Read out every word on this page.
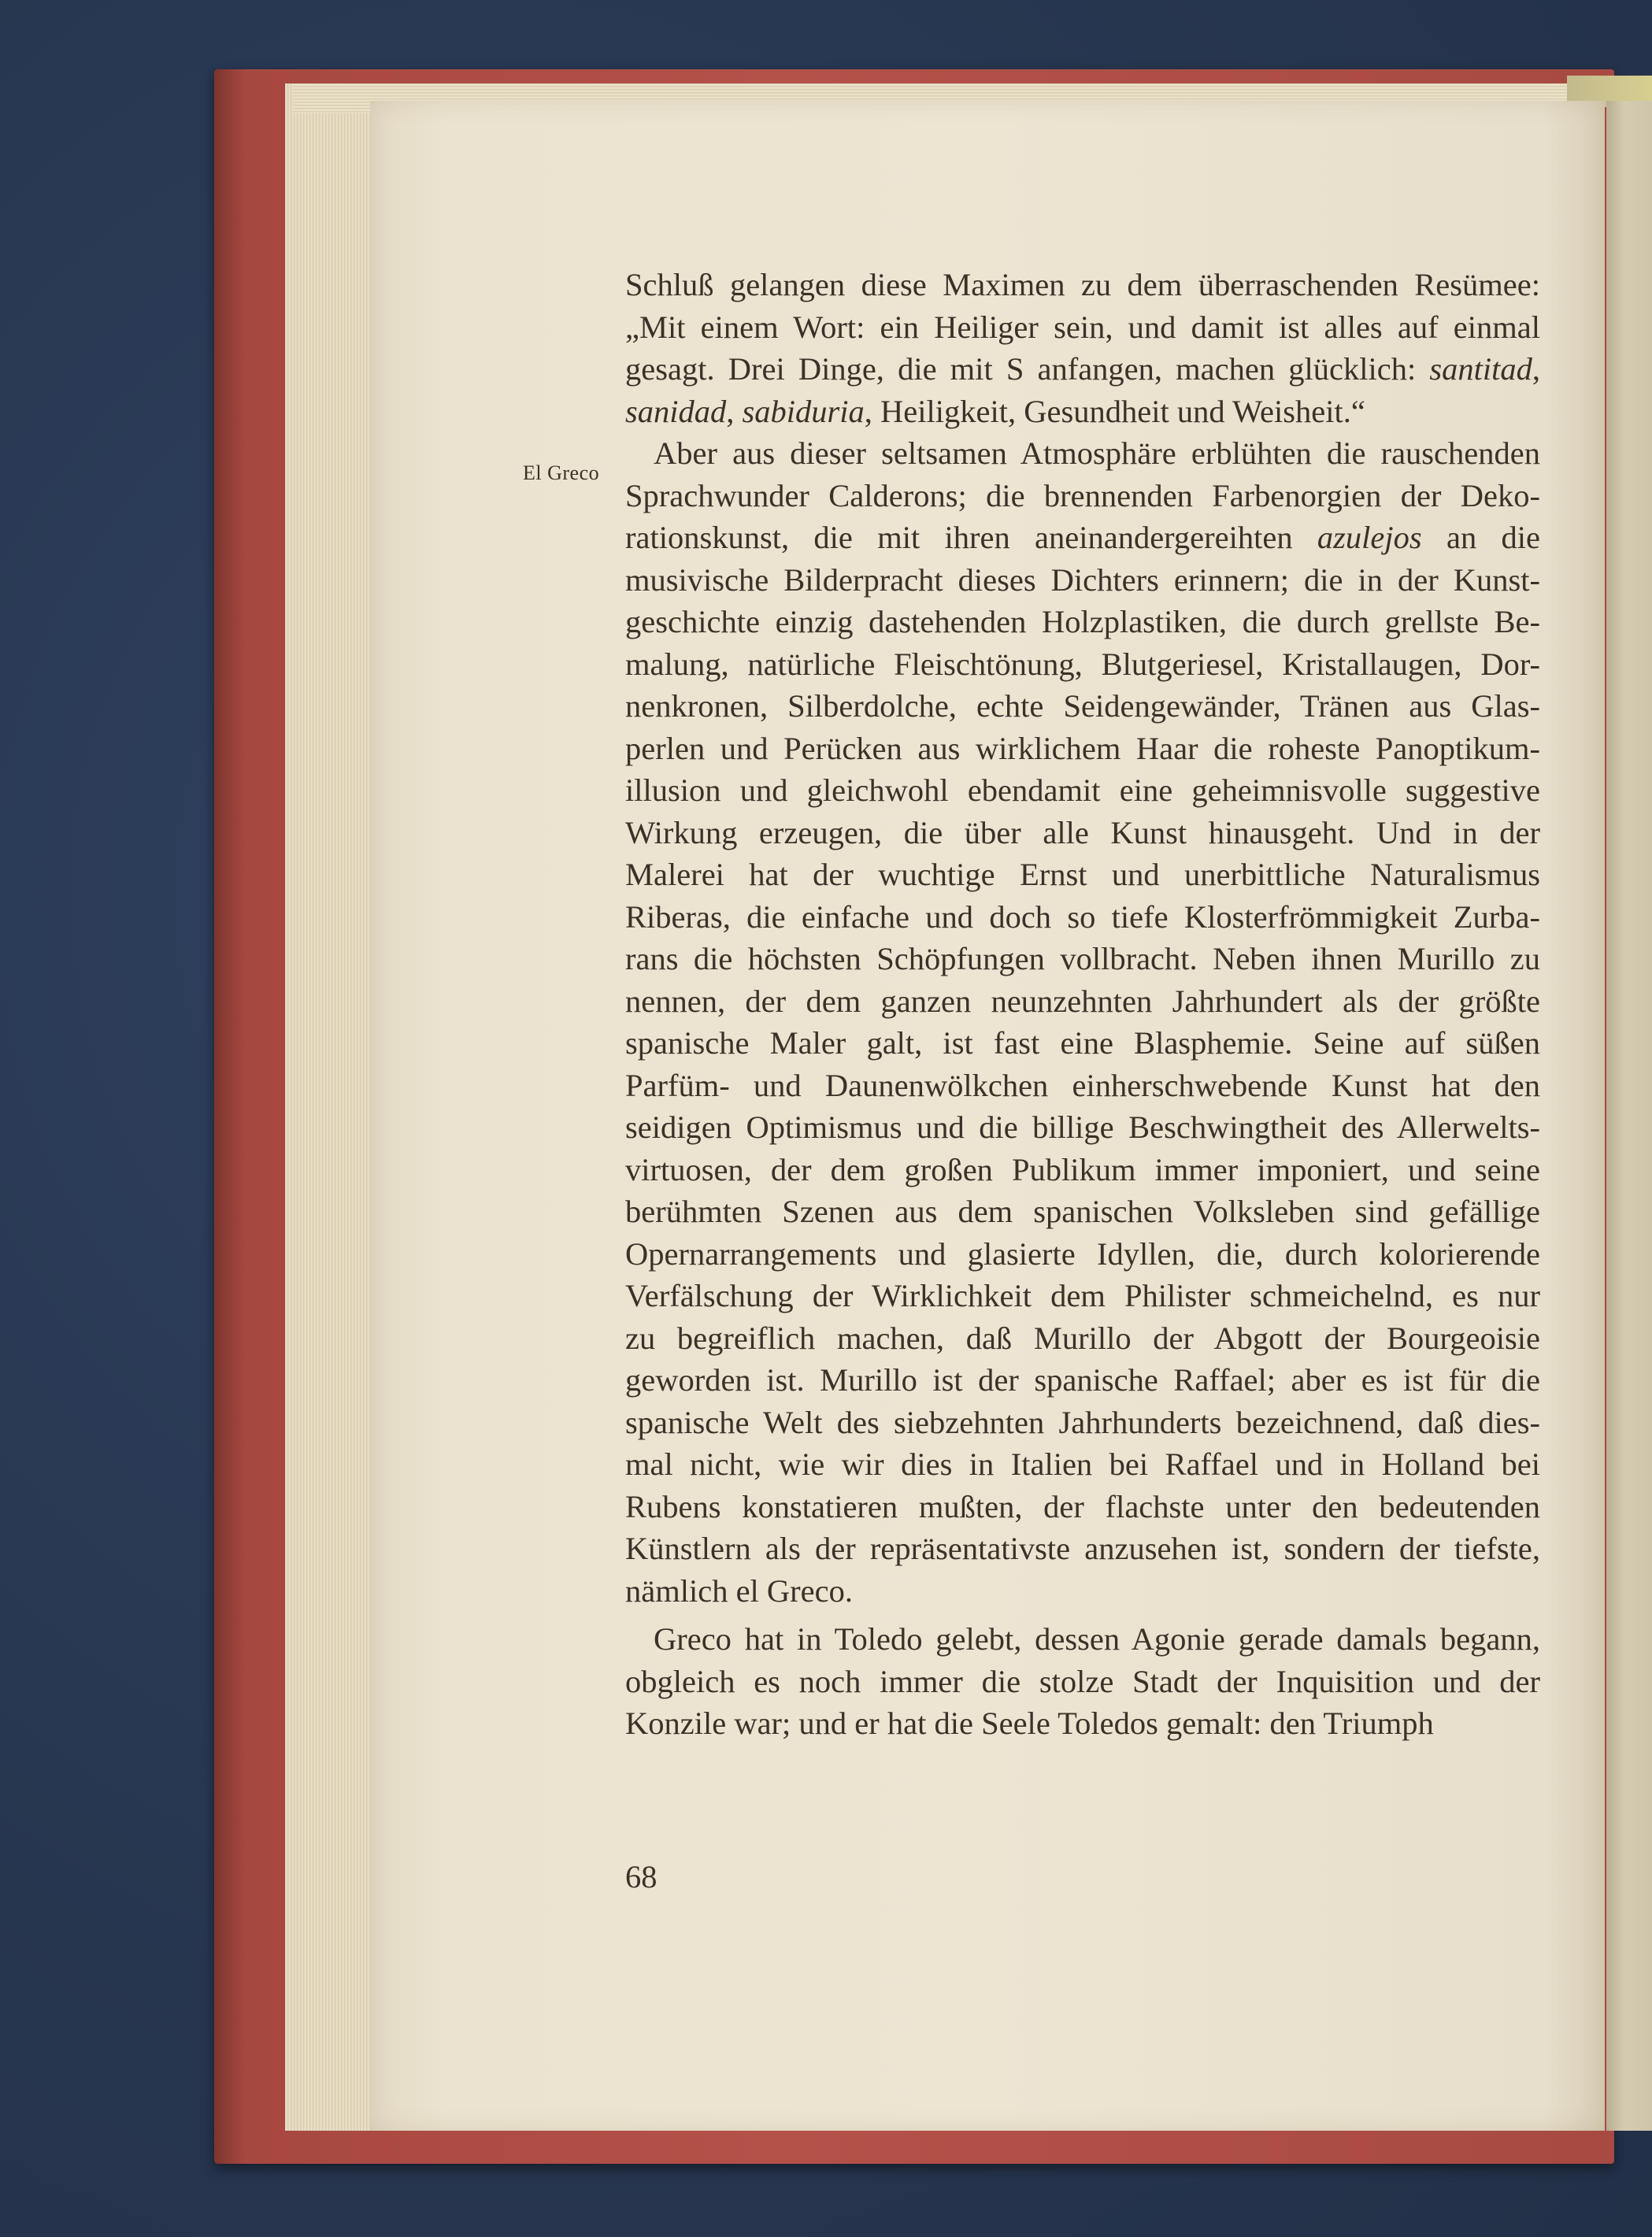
El Greco
Schluß gelangen diese Maximen zu dem überraschenden Resümee:
„Mit einem Wort: ein Heiliger sein, und damit ist alles auf einmal
gesagt. Drei Dinge, die mit S anfangen, machen glücklich: santitad,
sanidad, sabiduria, Heiligkeit, Gesundheit und Weisheit.“
Aber aus dieser seltsamen Atmosphäre erblühten die rauschenden
Sprachwunder Calderons; die brennenden Farbenorgien der Deko-
rationskunst, die mit ihren aneinandergereihten azulejos an die
musivische Bilderpracht dieses Dichters erinnern; die in der Kunst-
geschichte einzig dastehenden Holzplastiken, die durch grellste Be-
malung, natürliche Fleischtönung, Blutgeriesel, Kristallaugen, Dor-
nenkronen, Silberdolche, echte Seidengewänder, Tränen aus Glas-
perlen und Perücken aus wirklichem Haar die roheste Panoptikum-
illusion und gleichwohl ebendamit eine geheimnisvolle suggestive
Wirkung erzeugen, die über alle Kunst hinausgeht. Und in der
Malerei hat der wuchtige Ernst und unerbittliche Naturalismus
Riberas, die einfache und doch so tiefe Klosterfrömmigkeit Zurba-
rans die höchsten Schöpfungen vollbracht. Neben ihnen Murillo zu
nennen, der dem ganzen neunzehnten Jahrhundert als der größte
spanische Maler galt, ist fast eine Blasphemie. Seine auf süßen
Parfüm- und Daunenwölkchen einherschwebende Kunst hat den
seidigen Optimismus und die billige Beschwingtheit des Allerwelts-
virtuosen, der dem großen Publikum immer imponiert, und seine
berühmten Szenen aus dem spanischen Volksleben sind gefällige
Opernarrangements und glasierte Idyllen, die, durch kolorierende
Verfälschung der Wirklichkeit dem Philister schmeichelnd, es nur
zu begreiflich machen, daß Murillo der Abgott der Bourgeoisie
geworden ist. Murillo ist der spanische Raffael; aber es ist für die
spanische Welt des siebzehnten Jahrhunderts bezeichnend, daß dies-
mal nicht, wie wir dies in Italien bei Raffael und in Holland bei
Rubens konstatieren mußten, der flachste unter den bedeutenden
Künstlern als der repräsentativste anzusehen ist, sondern der tiefste,
nämlich el Greco.
Greco hat in Toledo gelebt, dessen Agonie gerade damals begann,
obgleich es noch immer die stolze Stadt der Inquisition und der
Konzile war; und er hat die Seele Toledos gemalt: den Triumph
68
